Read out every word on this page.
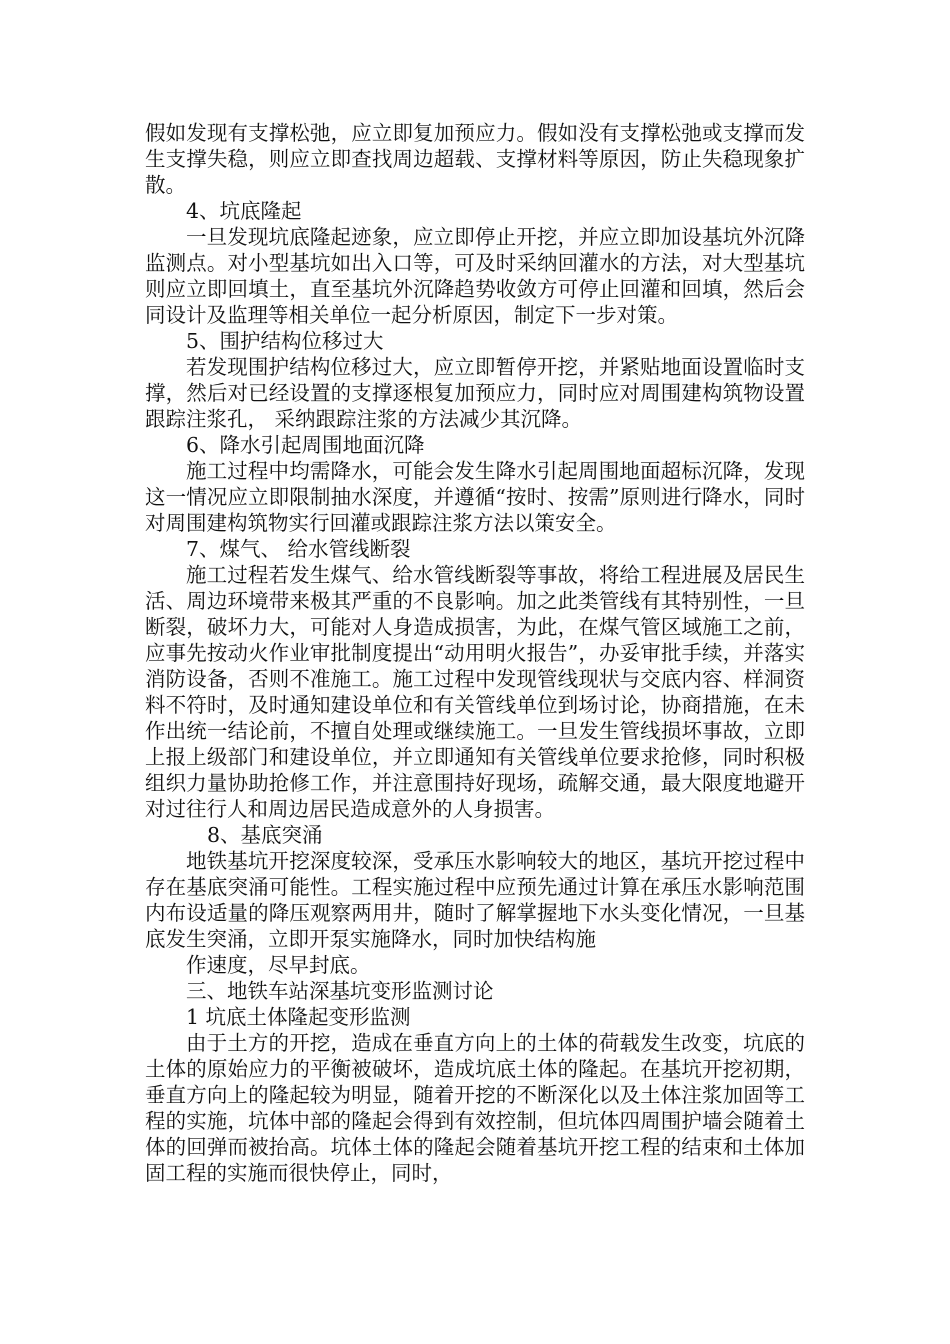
假如发现有支撑松弛，应立即复加预应力。假如没有支撑松弛或支撑而发生支撑失稳，则应立即查找周边超载、支撑材料等原因，防止失稳现象扩散。

4、坑底隆起

一旦发现坑底隆起迹象，应立即停止开挖，并应立即加设基坑外沉降监测点。对小型基坑如出入口等，可及时采纳回灌水的方法，对大型基坑则应立即回填土，直至基坑外沉降趋势收敛方可停止回灌和回填，然后会同设计及监理等相关单位一起分析原因，制定下一步对策。

5、围护结构位移过大

若发现围护结构位移过大，应立即暂停开挖，并紧贴地面设置临时支撑，然后对已经设置的支撑逐根复加预应力，同时应对周围建构筑物设置跟踪注浆孔， 采纳跟踪注浆的方法减少其沉降。

6、降水引起周围地面沉降

施工过程中均需降水，可能会发生降水引起周围地面超标沉降，发现这一情况应立即限制抽水深度，并遵循“按时、按需”原则进行降水，同时对周围建构筑物实行回灌或跟踪注浆方法以策安全。

7、煤气、 给水管线断裂

施工过程若发生煤气、给水管线断裂等事故，将给工程进展及居民生活、周边环境带来极其严重的不良影响。加之此类管线有其特别性，一旦断裂，破坏力大，可能对人身造成损害，为此，在煤气管区域施工之前，应事先按动火作业审批制度提出“动用明火报告”，办妥审批手续，并落实消防设备，否则不准施工。施工过程中发现管线现状与交底内容、样洞资料不符时，及时通知建设单位和有关管线单位到场讨论，协商措施，在未作出统一结论前，不擅自处理或继续施工。一旦发生管线损坏事故，立即上报上级部门和建设单位，并立即通知有关管线单位要求抢修，同时积极组织力量协助抢修工作，并注意围持好现场，疏解交通，最大限度地避开对过往行人和周边居民造成意外的人身损害。

8、基底突涌

地铁基坑开挖深度较深，受承压水影响较大的地区，基坑开挖过程中存在基底突涌可能性。工程实施过程中应预先通过计算在承压水影响范围内布设适量的降压观察两用井，随时了解掌握地下水头变化情况，一旦基底发生突涌，立即开泵实施降水，同时加快结构施

作速度，尽早封底。

三、地铁车站深基坑变形监测讨论

1 坑底土体隆起变形监测

由于土方的开挖，造成在垂直方向上的土体的荷载发生改变，坑底的土体的原始应力的平衡被破坏，造成坑底土体的隆起。在基坑开挖初期，垂直方向上的隆起较为明显，随着开挖的不断深化以及土体注浆加固等工程的实施，坑体中部的隆起会得到有效控制，但坑体四周围护墙会随着土体的回弹而被抬高。坑体土体的隆起会随着基坑开挖工程的结束和土体加固工程的实施而很快停止，同时，
